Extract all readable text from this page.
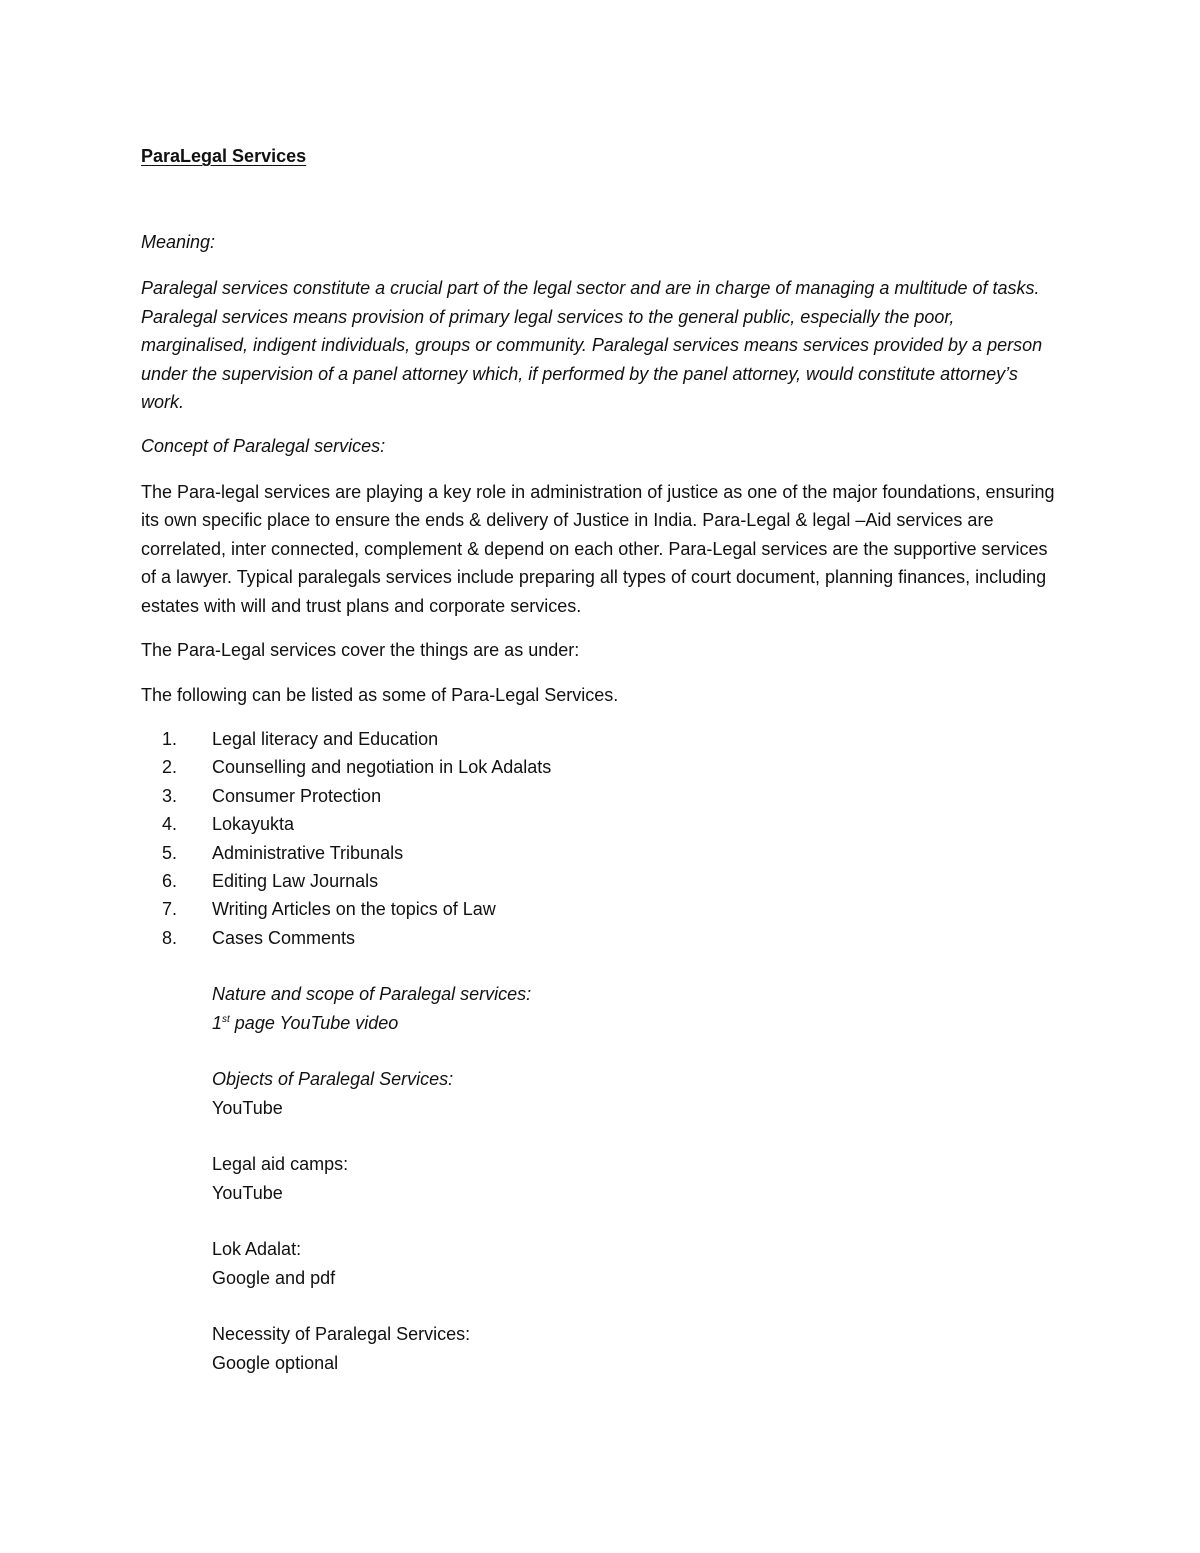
ParaLegal Services

Meaning:

Paralegal services constitute a crucial part of the legal sector and are in charge of managing a multitude of tasks. Paralegal services means provision of primary legal services to the general public, especially the poor, marginalised, indigent individuals, groups or community. Paralegal services means services provided by a person under the supervision of a panel attorney which, if performed by the panel attorney, would constitute attorney’s work.

Concept of Paralegal services:

The Para-legal services are playing a key role in administration of justice as one of the major foundations, ensuring its own specific place to ensure the ends & delivery of Justice in India. Para-Legal & legal –Aid services are correlated, inter connected, complement & depend on each other. Para-Legal services are the supportive services of a lawyer. Typical paralegals services include preparing all types of court document, planning finances, including estates with will and trust plans and corporate services.

The Para-Legal services cover the things are as under:

The following can be listed as some of Para-Legal Services.

1.	Legal literacy and Education
2.	Counselling and negotiation in Lok Adalats
3.	Consumer Protection
4.	Lokayukta
5.	Administrative Tribunals
6.	Editing Law Journals
7.	Writing Articles on the topics of Law
8.	Cases Comments

Nature and scope of Paralegal services:

1st page YouTube video

Objects of Paralegal Services:

YouTube

Legal aid camps:

YouTube

Lok Adalat:

Google and pdf

Necessity of Paralegal Services:

Google optional
